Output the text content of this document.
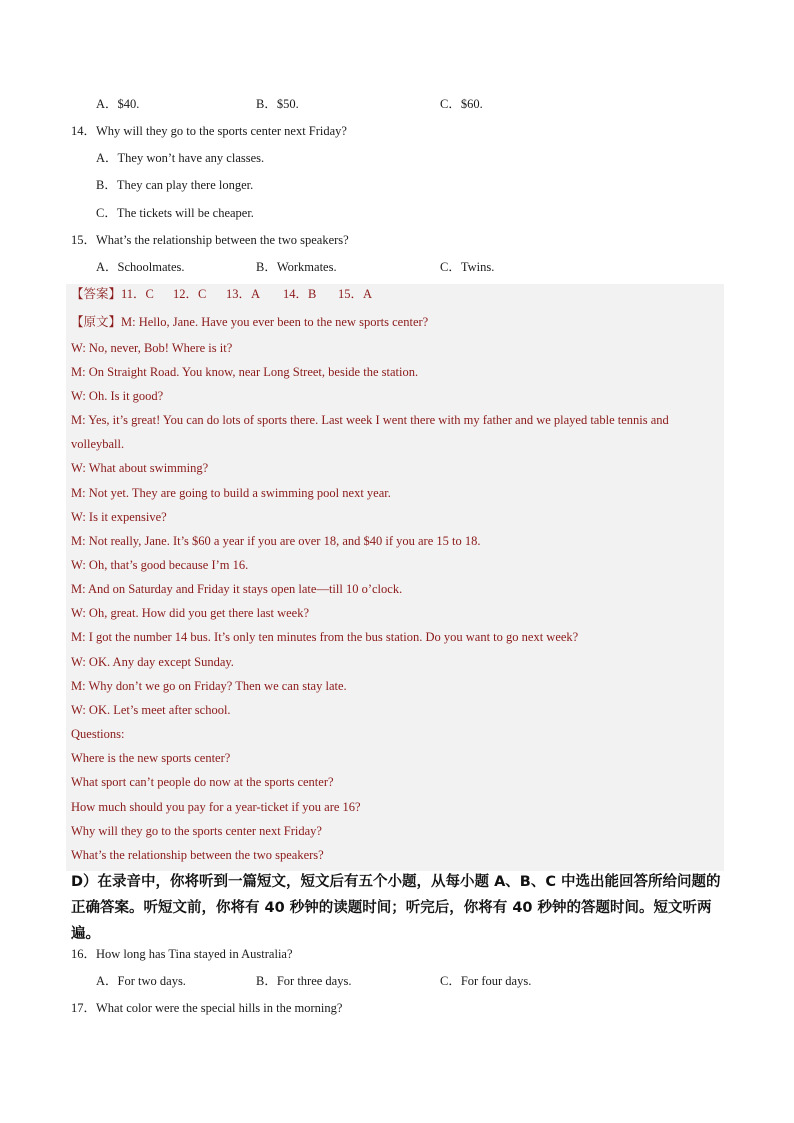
A．$40.	B．$50.	C．$60.
14．Why will they go to the sports center next Friday?
A．They won’t have any classes.
B．They can play there longer.
C．The tickets will be cheaper.
15．What’s the relationship between the two speakers?
A．Schoolmates.	B．Workmates.	C．Twins.
【答案】11．C 12．C 13．A 14．B 15．A
【原文】M: Hello, Jane. Have you ever been to the new sports center?
W: No, never, Bob! Where is it?
M: On Straight Road. You know, near Long Street, beside the station.
W: Oh. Is it good?
M: Yes, it’s great! You can do lots of sports there. Last week I went there with my father and we played table tennis and volleyball.
W: What about swimming?
M: Not yet. They are going to build a swimming pool next year.
W: Is it expensive?
M: Not really, Jane. It’s $60 a year if you are over 18, and $40 if you are 15 to 18.
W: Oh, that’s good because I’m 16.
M: And on Saturday and Friday it stays open late—till 10 o’clock.
W: Oh, great. How did you get there last week?
M: I got the number 14 bus. It’s only ten minutes from the bus station. Do you want to go next week?
W: OK. Any day except Sunday.
M: Why don’t we go on Friday? Then we can stay late.
W: OK. Let’s meet after school.
Questions:
Where is the new sports center?
What sport can’t people do now at the sports center?
How much should you pay for a year-ticket if you are 16?
Why will they go to the sports center next Friday?
What’s the relationship between the two speakers?
D）在录音中，你将听到一篇短文，短文后有五个小题，从每小题 A、B、C 中选出能回答所给问题的正确答案。听短文前，你将有 40 秒钟的读题时间；听完后，你将有 40 秒钟的答题时间。短文听两遍。
16．How long has Tina stayed in Australia?
A．For two days.	B．For three days.	C．For four days.
17．What color were the special hills in the morning?
